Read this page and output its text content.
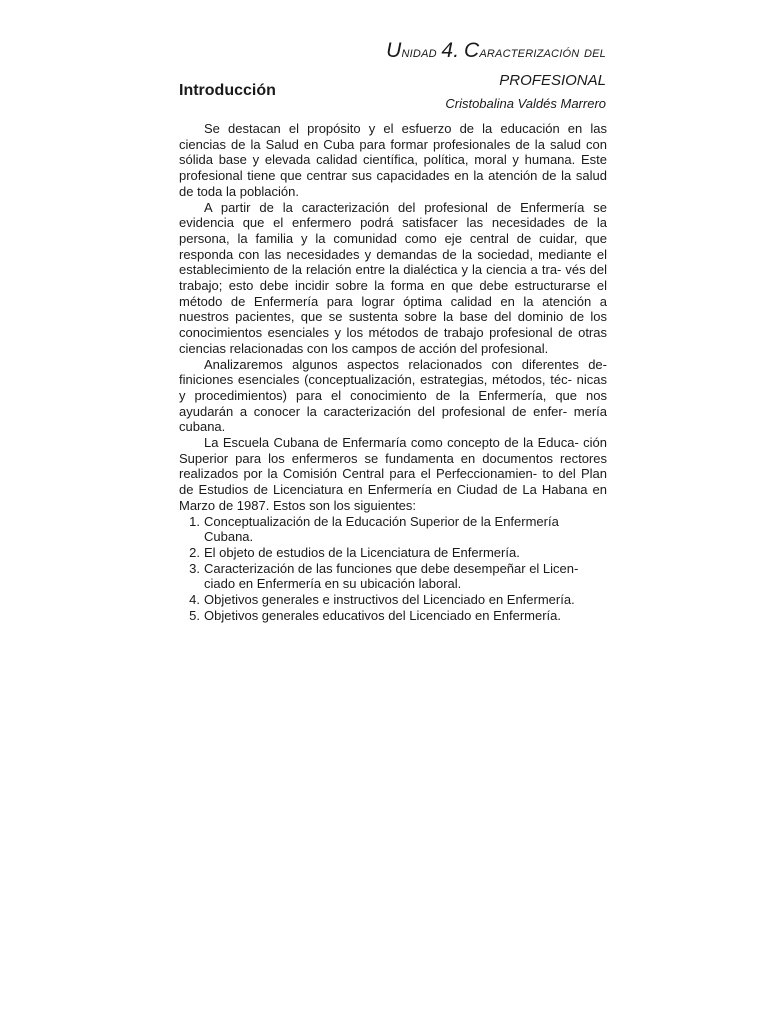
Unidad 4. Caracterización del
PROFESIONAL
Introducción
Cristobalina Valdés Marrero

Se destacan el propósito y el esfuerzo de la educación en las ciencias de la Salud en Cuba para formar profesionales de la salud con sólida base y elevada calidad científica, política, moral y humana. Este profesional tiene que centrar sus capacidades en la atención de la salud de toda la población.

A partir de la caracterización del profesional de Enfermería se evidencia que el enfermero podrá satisfacer las necesidades de la persona, la familia y la comunidad como eje central de cuidar, que responda con las necesidades y demandas de la sociedad, mediante el establecimiento de la relación entre la dialéctica y la ciencia a tra- vés del trabajo; esto debe incidir sobre la forma en que debe estructurarse el método de Enfermería para lograr óptima calidad en la atención a nuestros pacientes, que se sustenta sobre la base del dominio de los conocimientos esenciales y los métodos de trabajo profesional de otras ciencias relacionadas con los campos de acción del profesional.

Analizaremos algunos aspectos relacionados con diferentes de- finiciones esenciales (conceptualización, estrategias, métodos, téc- nicas y procedimientos) para el conocimiento de la Enfermería, que nos ayudarán a conocer la caracterización del profesional de enfer- mería cubana.

La Escuela Cubana de Enfermaría como concepto de la Educa- ción Superior para los enfermeros se fundamenta en documentos rectores realizados por la Comisión Central para el Perfeccionamien- to del Plan de Estudios de Licenciatura en Enfermería en Ciudad de La Habana en Marzo de 1987. Estos son los siguientes:

1. Conceptualización de la Educación Superior de la Enfermería Cubana.
2. El objeto de estudios de la Licenciatura de Enfermería.
3. Caracterización de las funciones que debe desempeñar el Licen- ciado en Enfermería en su ubicación laboral.
4. Objetivos generales e instructivos del Licenciado en Enfermería.
5. Objetivos generales educativos del Licenciado en Enfermería.
